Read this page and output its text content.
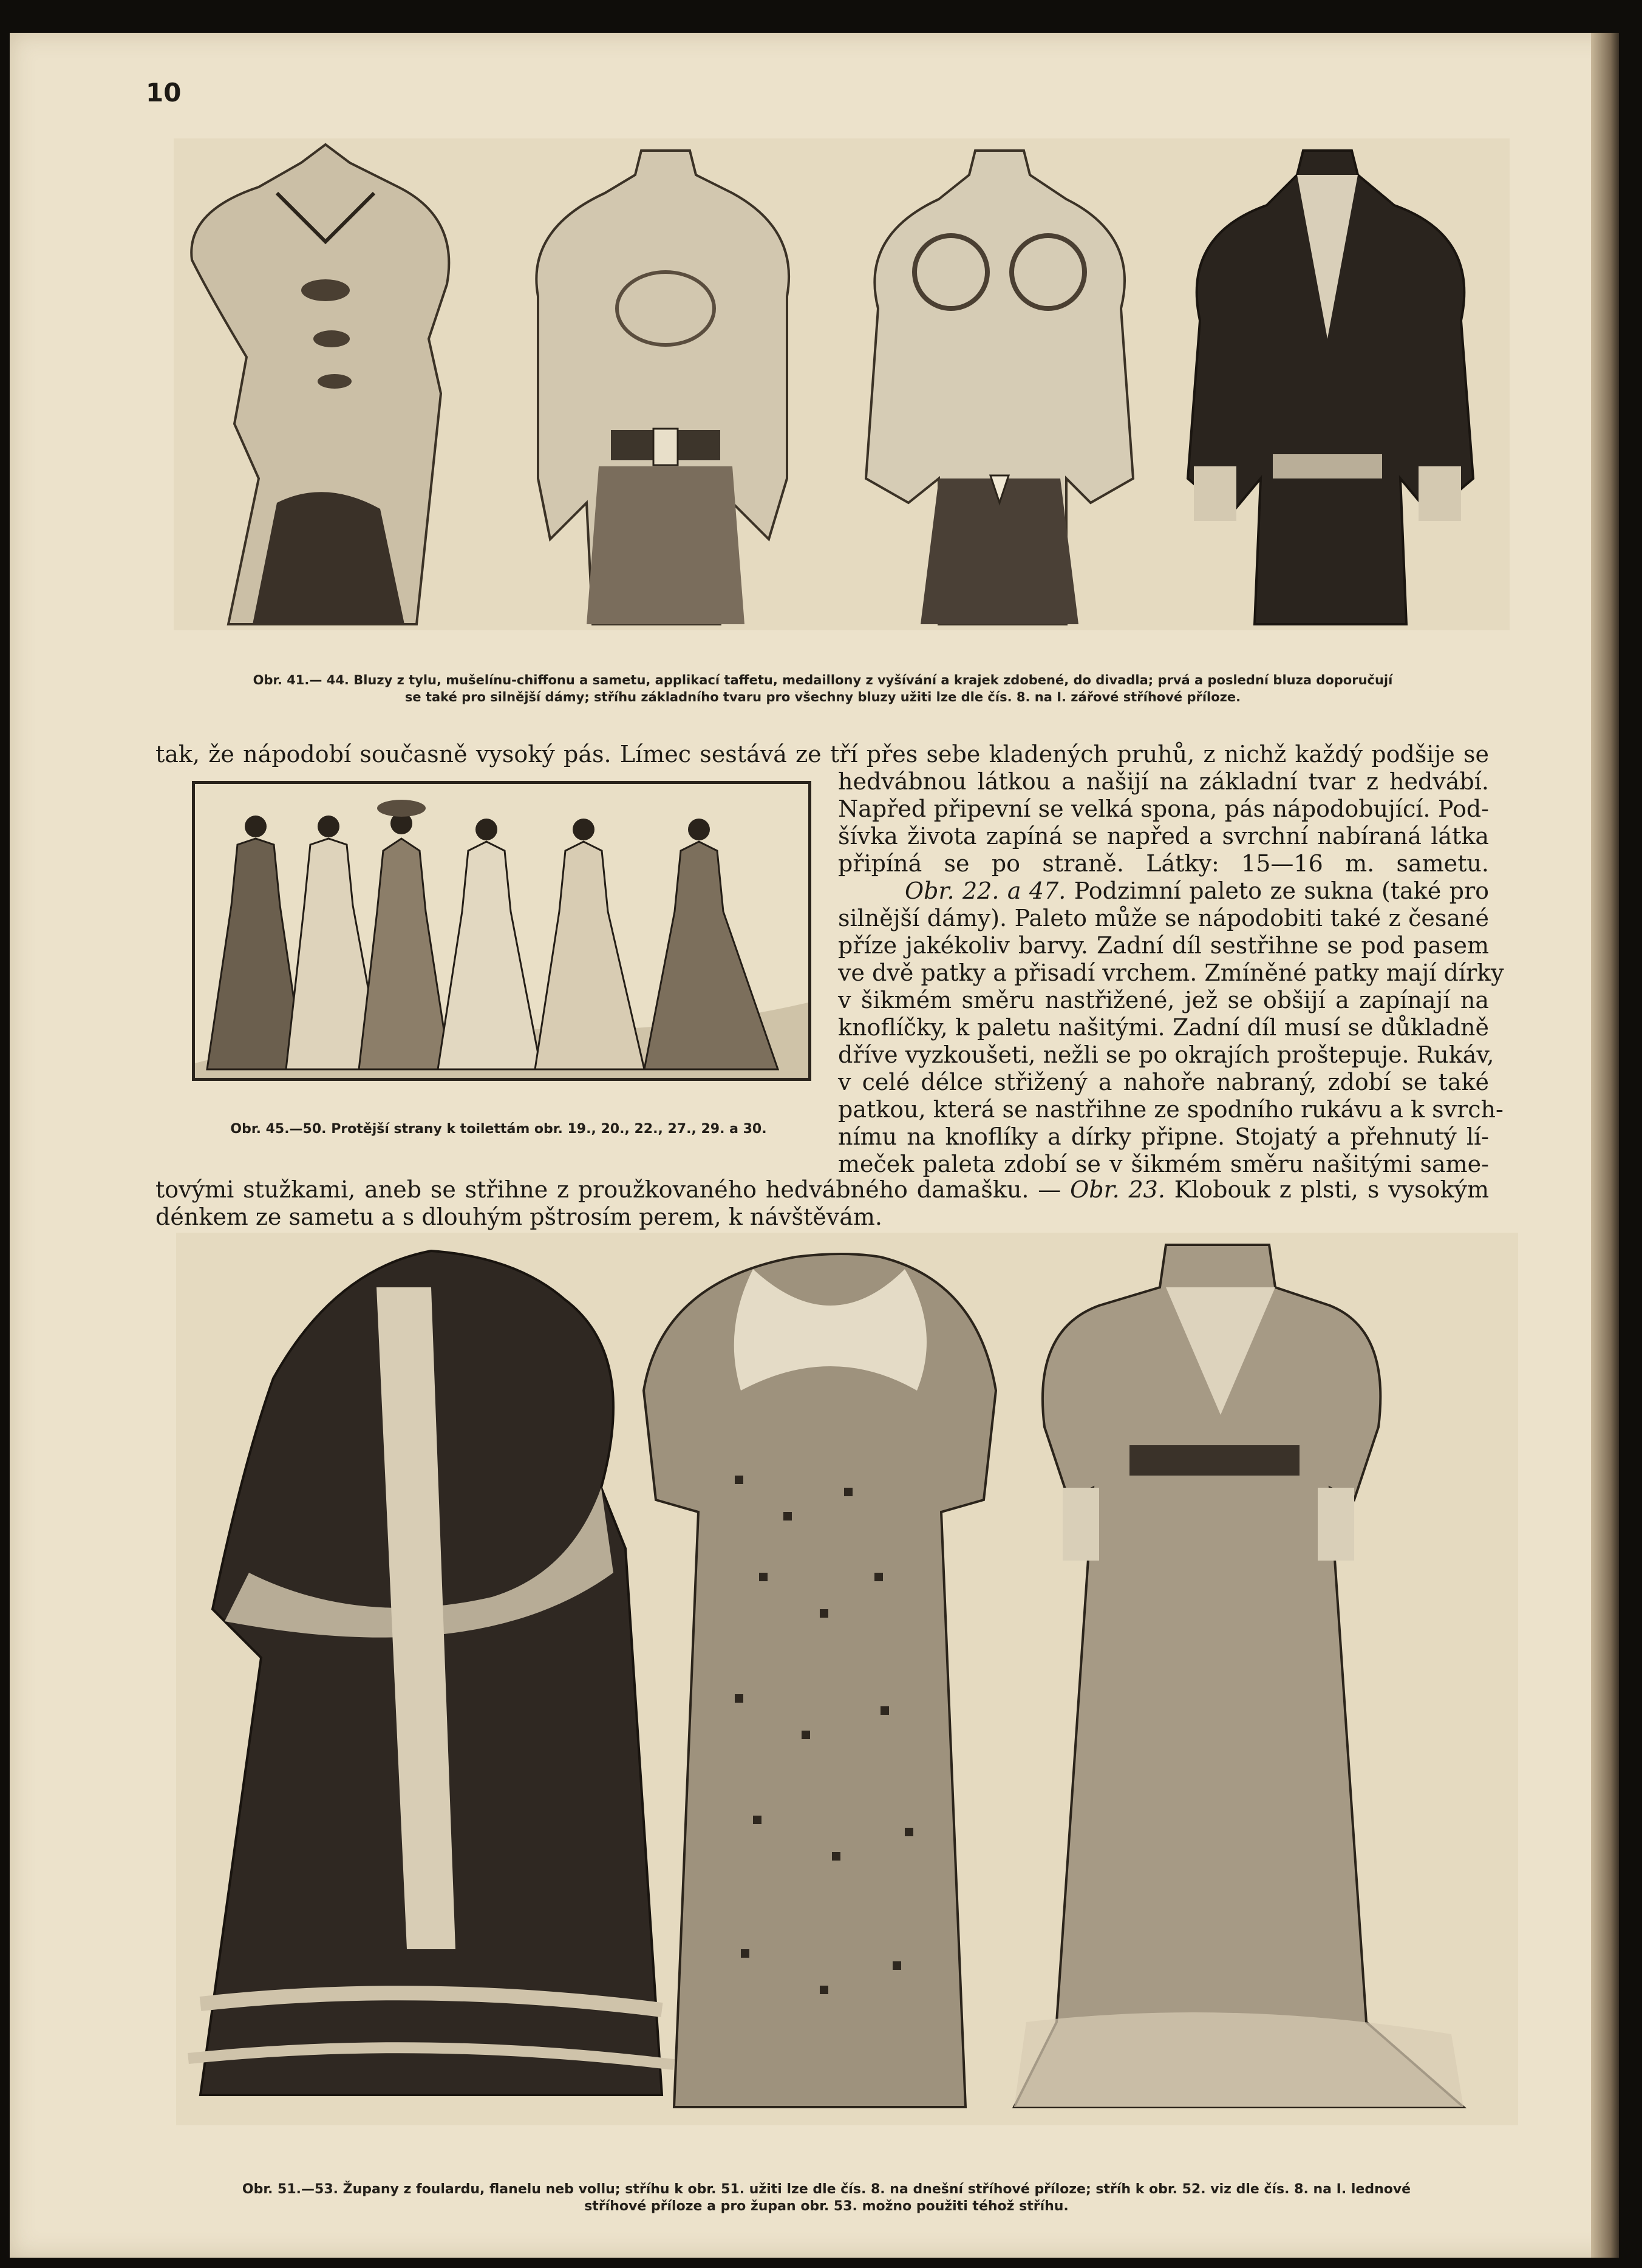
10
Obr. 41.— 44. Bluzy z tylu, mušelínu-chiffonu a sametu, applikací taffetu, medaillony z vyšívání a krajek zdobené, do divadla; prvá a poslední bluza doporučují
se také pro silnější dámy; stříhu základního tvaru pro všechny bluzy užiti lze dle čís. 8. na I. zářové stříhové příloze.

tak, že nápodobí současně vysoký pás. Límec sestává ze tří přes sebe kladených pruhů, z nichž každý podšije se

Obr. 45.—50. Protější strany k toilettám obr. 19., 20., 22., 27., 29. a 30.
hedvábnou látkou a našijí na základní tvar z hedvábí.
Napřed připevní se velká spona, pás nápodobující. Pod-
šívka života zapíná se napřed a svrchní nabíraná látka
připíná se po straně. Látky: 15—16 m. sametu.
Obr. 22. a 47. Podzimní paleto ze sukna (také pro
silnější dámy). Paleto může se nápodobiti také z česané
příze jakékoliv barvy. Zadní díl sestřihne se pod pasem
ve dvě patky a přisadí vrchem. Zmíněné patky mají dírky
v šikmém směru nastřižené, jež se obšijí a zapínají na
knoflíčky, k paletu našitými. Zadní díl musí se důkladně
dříve vyzkoušeti, nežli se po okrajích proštepuje. Rukáv,
v celé délce střižený a nahoře nabraný, zdobí se také
patkou, která se nastřihne ze spodního rukávu a k svrch-
nímu na knoflíky a dírky připne. Stojatý a přehnutý lí-
meček paleta zdobí se v šikmém směru našitými same-
tovými stužkami, aneb se střihne z proužkovaného hedvábného damašku. — Obr. 23. Klobouk z plsti, s vysokým
dénkem ze sametu a s dlouhým pštrosím perem, k návštěvám.
Obr. 51.—53. Župany z foulardu, flanelu neb vollu; stříhu k obr. 51. užiti lze dle čís. 8. na dnešní stříhové příloze; stříh k obr. 52. viz dle čís. 8. na I. lednové
stříhové příloze a pro župan obr. 53. možno použiti téhož stříhu.
